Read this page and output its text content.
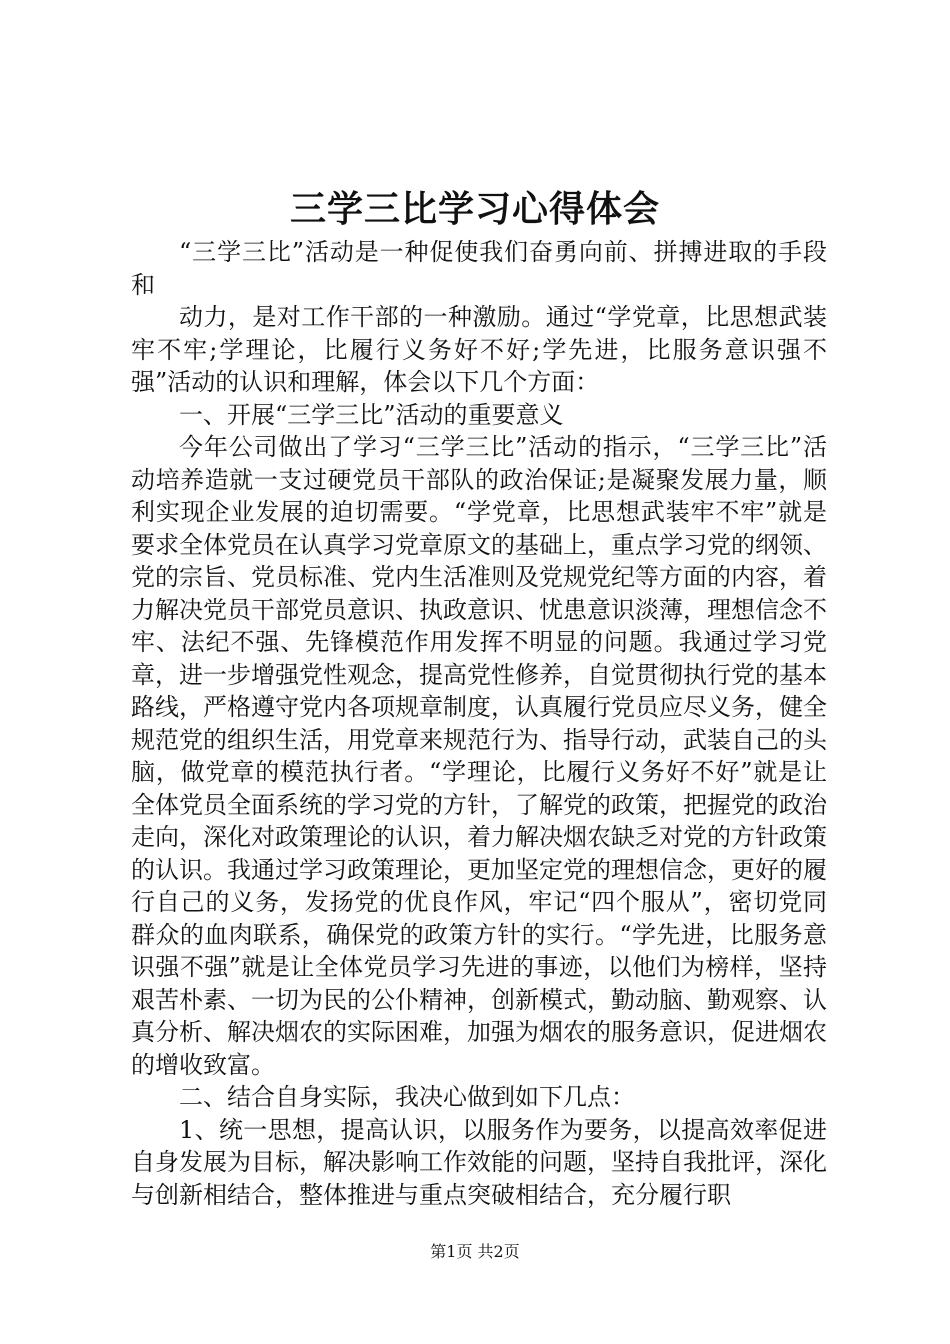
三学三比学习心得体会

“三学三比”活动是一种促使我们奋勇向前、拼搏进取的手段和

动力，是对工作干部的一种激励。通过“学党章，比思想武装牢不牢;学理论，比履行义务好不好;学先进，比服务意识强不强”活动的认识和理解，体会以下几个方面：

一、开展“三学三比”活动的重要意义

今年公司做出了学习“三学三比”活动的指示，“三学三比”活动培养造就一支过硬党员干部队的政治保证;是凝聚发展力量，顺利实现企业发展的迫切需要。“学党章，比思想武装牢不牢”就是要求全体党员在认真学习党章原文的基础上，重点学习党的纲领、党的宗旨、党员标准、党内生活准则及党规党纪等方面的内容，着力解决党员干部党员意识、执政意识、忧患意识淡薄，理想信念不牢、法纪不强、先锋模范作用发挥不明显的问题。我通过学习党章，进一步增强党性观念，提高党性修养，自觉贯彻执行党的基本路线，严格遵守党内各项规章制度，认真履行党员应尽义务，健全规范党的组织生活，用党章来规范行为、指导行动，武装自己的头脑，做党章的模范执行者。“学理论，比履行义务好不好”就是让全体党员全面系统的学习党的方针，了解党的政策，把握党的政治走向，深化对政策理论的认识，着力解决烟农缺乏对党的方针政策的认识。我通过学习政策理论，更加坚定党的理想信念，更好的履行自己的义务，发扬党的优良作风，牢记“四个服从”，密切党同群众的血肉联系，确保党的政策方针的实行。“学先进，比服务意识强不强”就是让全体党员学习先进的事迹，以他们为榜样，坚持艰苦朴素、一切为民的公仆精神，创新模式，勤动脑、勤观察、认真分析、解决烟农的实际困难，加强为烟农的服务意识，促进烟农的增收致富。

二、结合自身实际，我决心做到如下几点：

1、统一思想，提高认识，以服务作为要务，以提高效率促进自身发展为目标，解决影响工作效能的问题，坚持自我批评，深化与创新相结合，整体推进与重点突破相结合，充分履行职

第1页 共2页
